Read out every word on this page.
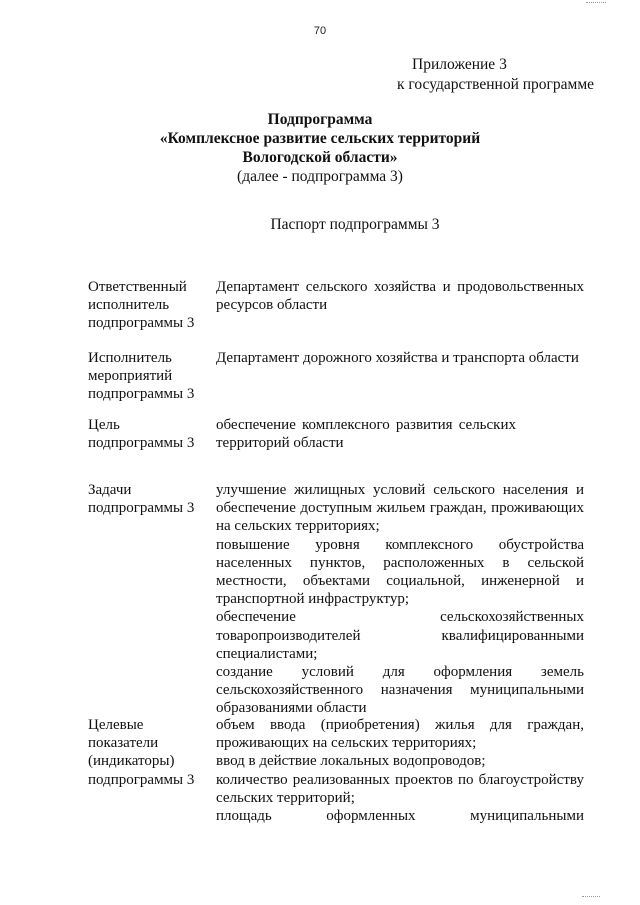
70
Приложение 3
к государственной программе
Подпрограмма
«Комплексное развитие сельских территорий
Вологодской области»
(далее - подпрограмма 3)
Паспорт подпрограммы 3
Ответственный
исполнитель
подпрограммы 3
Департамент сельского хозяйства и продовольственных ресурсов области
Исполнитель
мероприятий
подпрограммы 3
Департамент дорожного хозяйства и транспорта области
Цель
подпрограммы 3
обеспечение комплексного развития сельских территорий области
Задачи
подпрограммы 3
улучшение жилищных условий сельского населения и обеспечение доступным жильем граждан, проживающих на сельских территориях;
повышение уровня комплексного обустройства населенных пунктов, расположенных в сельской местности, объектами социальной, инженерной и транспортной инфраструктур;
обеспечение сельскохозяйственных товаропроизводителей квалифицированными специалистами;
создание условий для оформления земель сельскохозяйственного назначения муниципальными образованиями области
Целевые
показатели
(индикаторы)
подпрограммы 3
объем ввода (приобретения) жилья для граждан, проживающих на сельских территориях;
ввод в действие локальных водопроводов;
количество реализованных проектов по благоустройству сельских территорий;
площадь оформленных муниципальными
